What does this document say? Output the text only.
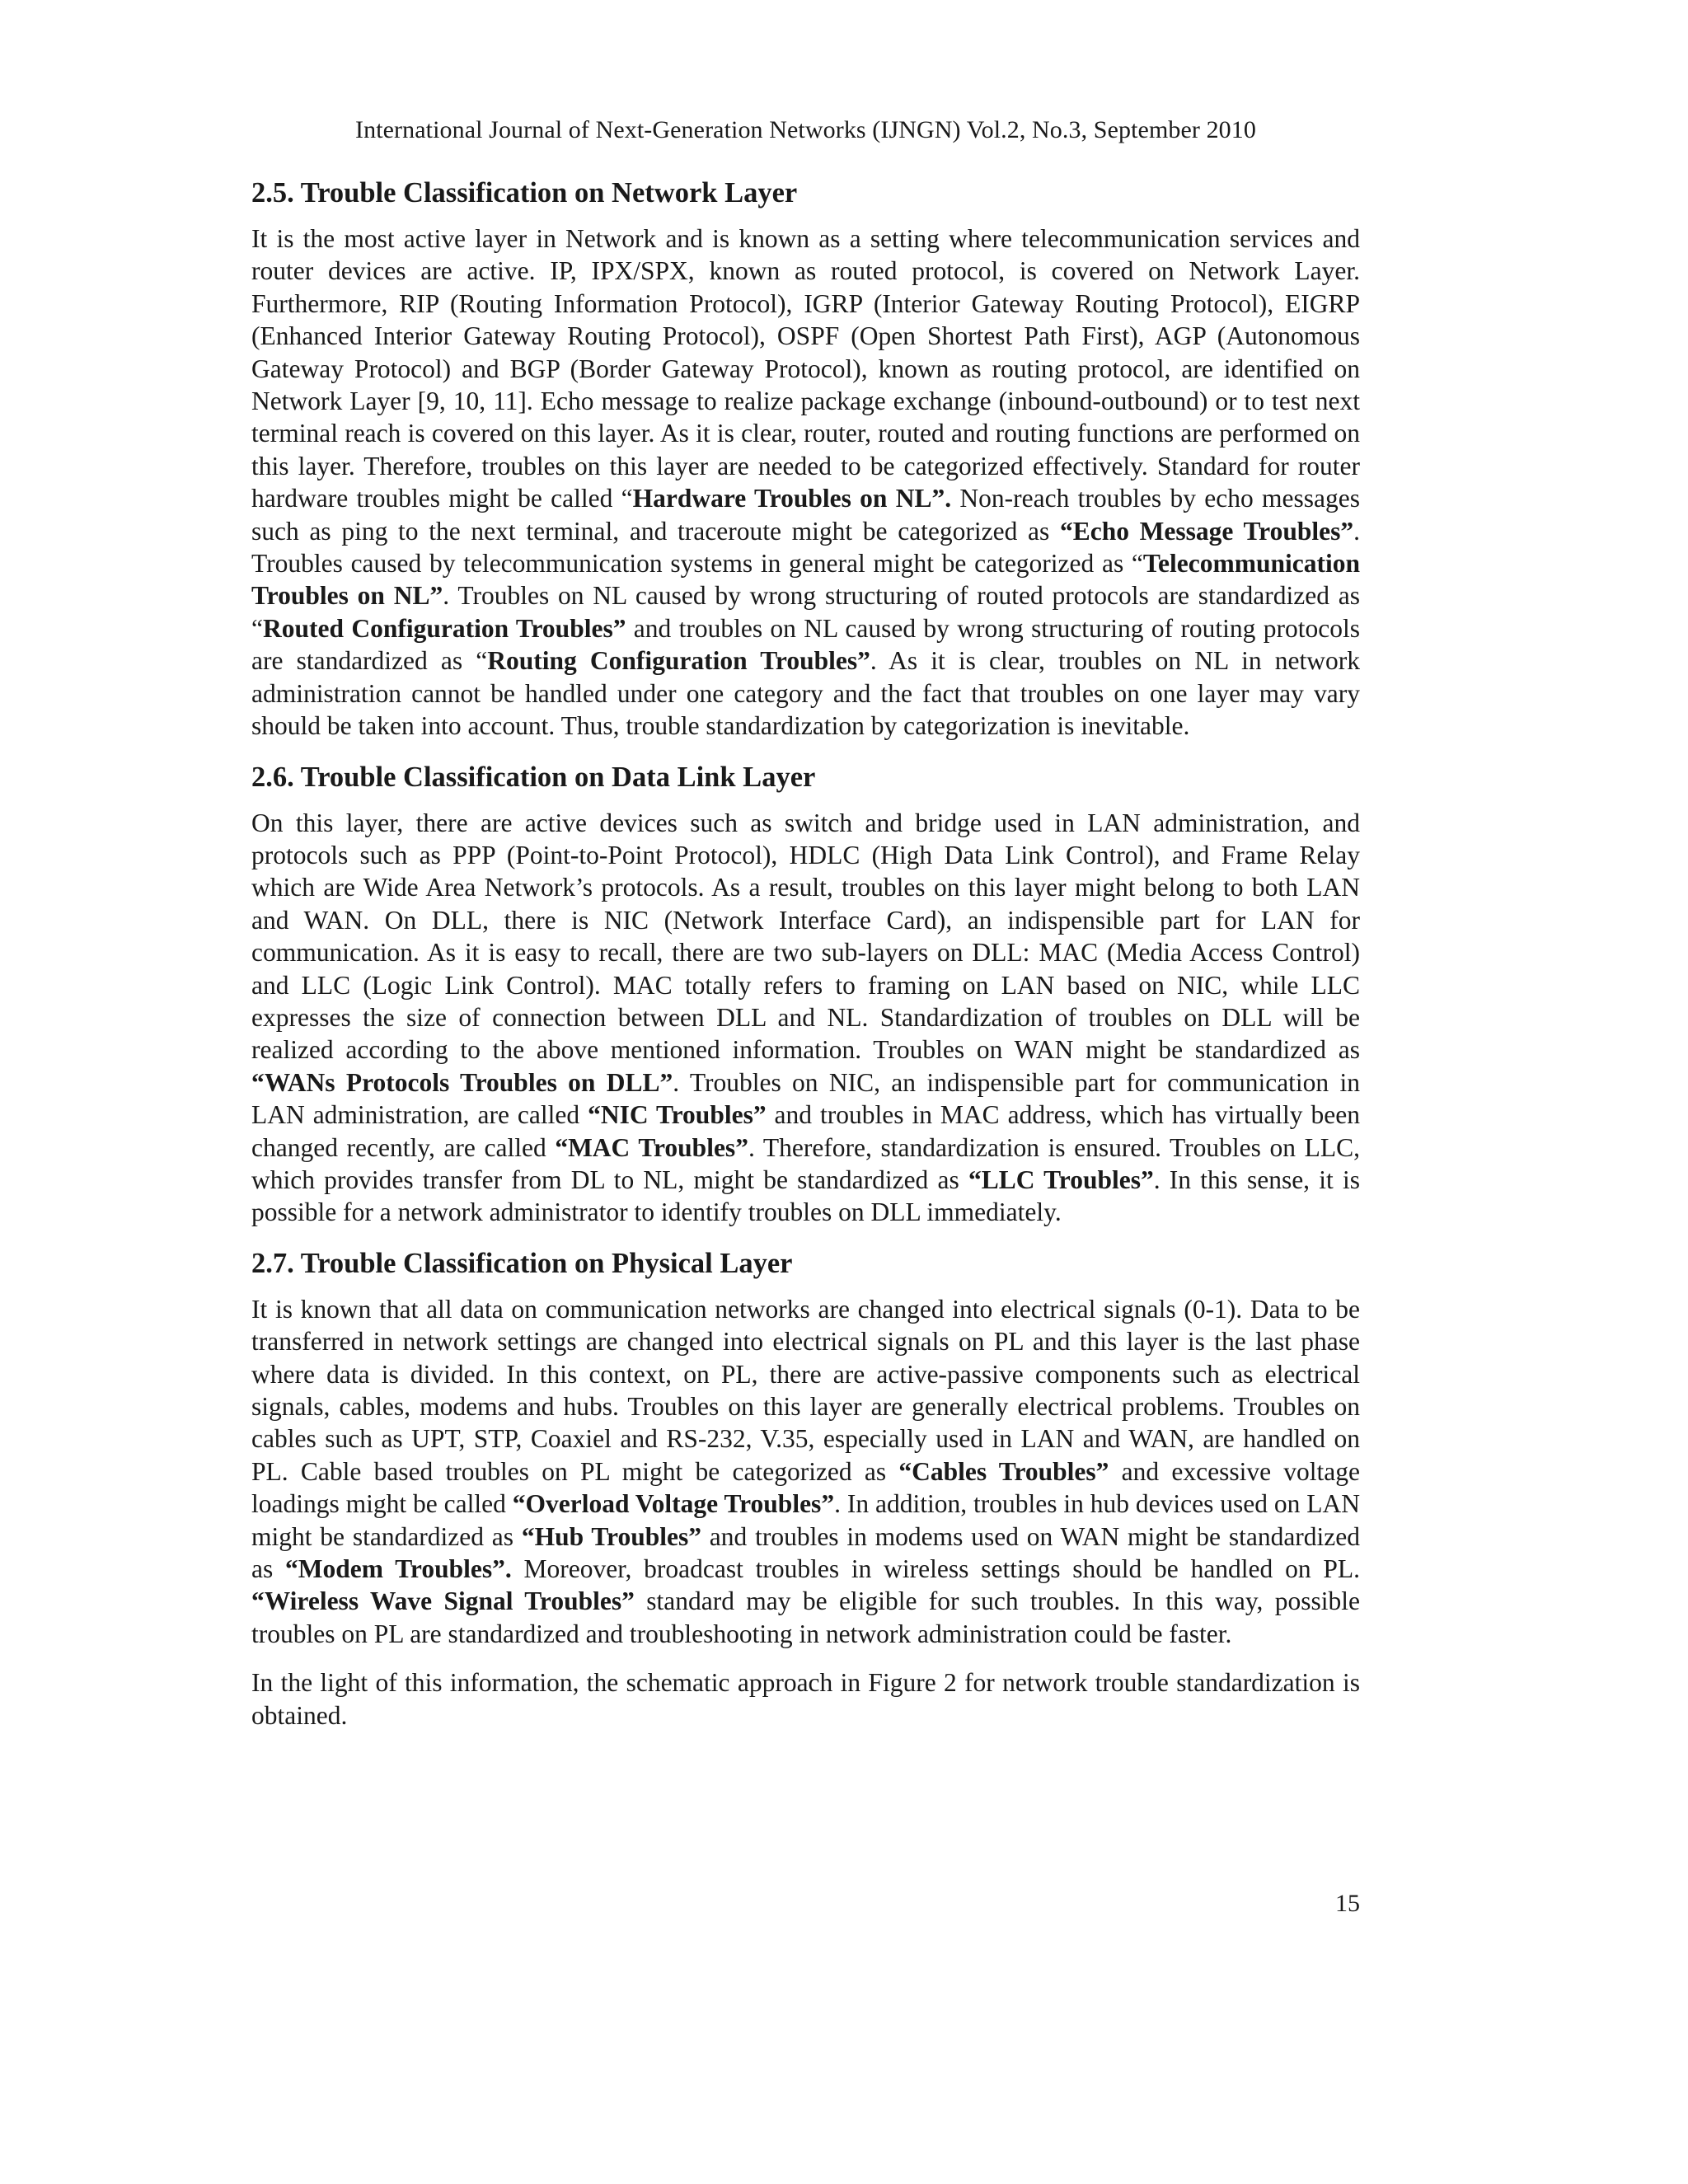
International Journal of Next-Generation Networks (IJNGN) Vol.2, No.3, September 2010
2.5. Trouble Classification on Network Layer

It is the most active layer in Network and is known as a setting where telecommunication services and router devices are active. IP, IPX/SPX, known as routed protocol, is covered on Network Layer. Furthermore, RIP (Routing Information Protocol), IGRP (Interior Gateway Routing Protocol), EIGRP (Enhanced Interior Gateway Routing Protocol), OSPF (Open Shortest Path First), AGP (Autonomous Gateway Protocol) and BGP (Border Gateway Protocol), known as routing protocol, are identified on Network Layer [9, 10, 11]. Echo message to realize package exchange (inbound-outbound) or to test next terminal reach is covered on this layer. As it is clear, router, routed and routing functions are performed on this layer. Therefore, troubles on this layer are needed to be categorized effectively. Standard for router hardware troubles might be called “Hardware Troubles on NL”. Non-reach troubles by echo messages such as ping to the next terminal, and traceroute might be categorized as “Echo Message Troubles”. Troubles caused by telecommunication systems in general might be categorized as “Telecommunication Troubles on NL”. Troubles on NL caused by wrong structuring of routed protocols are standardized as “Routed Configuration Troubles” and troubles on NL caused by wrong structuring of routing protocols are standardized as “Routing Configuration Troubles”. As it is clear, troubles on NL in network administration cannot be handled under one category and the fact that troubles on one layer may vary should be taken into account. Thus, trouble standardization by categorization is inevitable.

2.6. Trouble Classification on Data Link Layer

On this layer, there are active devices such as switch and bridge used in LAN administration, and protocols such as PPP (Point-to-Point Protocol), HDLC (High Data Link Control), and Frame Relay which are Wide Area Network’s protocols. As a result, troubles on this layer might belong to both LAN and WAN. On DLL, there is NIC (Network Interface Card), an indispensible part for LAN for communication. As it is easy to recall, there are two sub-layers on DLL: MAC (Media Access Control) and LLC (Logic Link Control). MAC totally refers to framing on LAN based on NIC, while LLC expresses the size of connection between DLL and NL. Standardization of troubles on DLL will be realized according to the above mentioned information. Troubles on WAN might be standardized as “WANs Protocols Troubles on DLL”. Troubles on NIC, an indispensible part for communication in LAN administration, are called “NIC Troubles” and troubles in MAC address, which has virtually been changed recently, are called “MAC Troubles”. Therefore, standardization is ensured. Troubles on LLC, which provides transfer from DL to NL, might be standardized as “LLC Troubles”. In this sense, it is possible for a network administrator to identify troubles on DLL immediately.

2.7. Trouble Classification on Physical Layer

It is known that all data on communication networks are changed into electrical signals (0-1). Data to be transferred in network settings are changed into electrical signals on PL and this layer is the last phase where data is divided. In this context, on PL, there are active-passive components such as electrical signals, cables, modems and hubs. Troubles on this layer are generally electrical problems. Troubles on cables such as UPT, STP, Coaxiel and RS-232, V.35, especially used in LAN and WAN, are handled on PL. Cable based troubles on PL might be categorized as “Cables Troubles” and excessive voltage loadings might be called “Overload Voltage Troubles”. In addition, troubles in hub devices used on LAN might be standardized as “Hub Troubles” and troubles in modems used on WAN might be standardized as “Modem Troubles”. Moreover, broadcast troubles in wireless settings should be handled on PL. “Wireless Wave Signal Troubles” standard may be eligible for such troubles. In this way, possible troubles on PL are standardized and troubleshooting in network administration could be faster.

In the light of this information, the schematic approach in Figure 2 for network trouble standardization is obtained.

15
